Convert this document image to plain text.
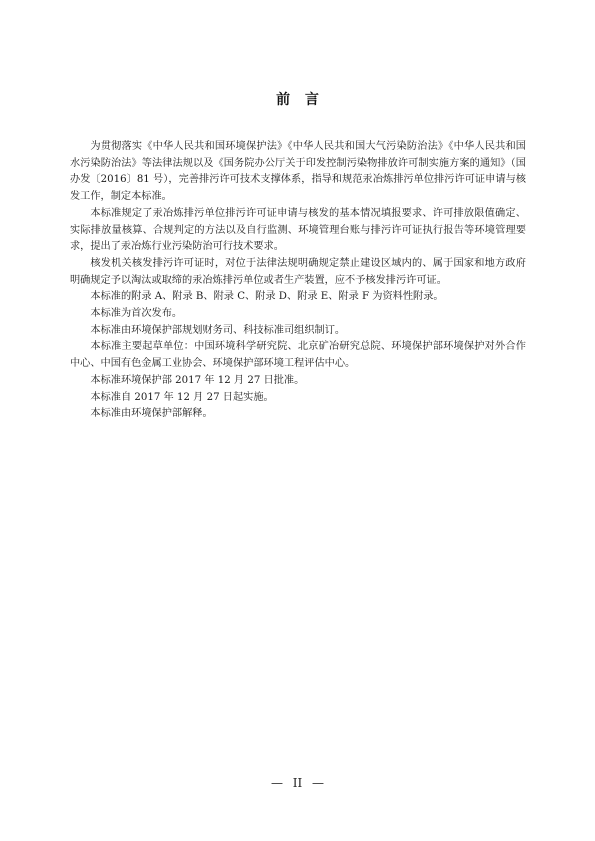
前 言

为贯彻落实《中华人民共和国环境保护法》《中华人民共和国大气污染防治法》《中华人民共和国水污染防治法》等法律法规以及《国务院办公厅关于印发控制污染物排放许可制实施方案的通知》（国办发〔2016〕81 号），完善排污许可技术支撑体系，指导和规范汞冶炼排污单位排污许可证申请与核发工作，制定本标准。

本标准规定了汞冶炼排污单位排污许可证申请与核发的基本情况填报要求、许可排放限值确定、实际排放量核算、合规判定的方法以及自行监测、环境管理台账与排污许可证执行报告等环境管理要求，提出了汞冶炼行业污染防治可行技术要求。

核发机关核发排污许可证时，对位于法律法规明确规定禁止建设区域内的、属于国家和地方政府明确规定予以淘汰或取缔的汞冶炼排污单位或者生产装置，应不予核发排污许可证。

本标准的附录 A、附录 B、附录 C、附录 D、附录 E、附录 F 为资料性附录。

本标准为首次发布。

本标准由环境保护部规划财务司、科技标准司组织制订。

本标准主要起草单位：中国环境科学研究院、北京矿冶研究总院、环境保护部环境保护对外合作中心、中国有色金属工业协会、环境保护部环境工程评估中心。

本标准环境保护部 2017 年 12 月 27 日批准。

本标准自 2017 年 12 月 27 日起实施。

本标准由环境保护部解释。

— II —
